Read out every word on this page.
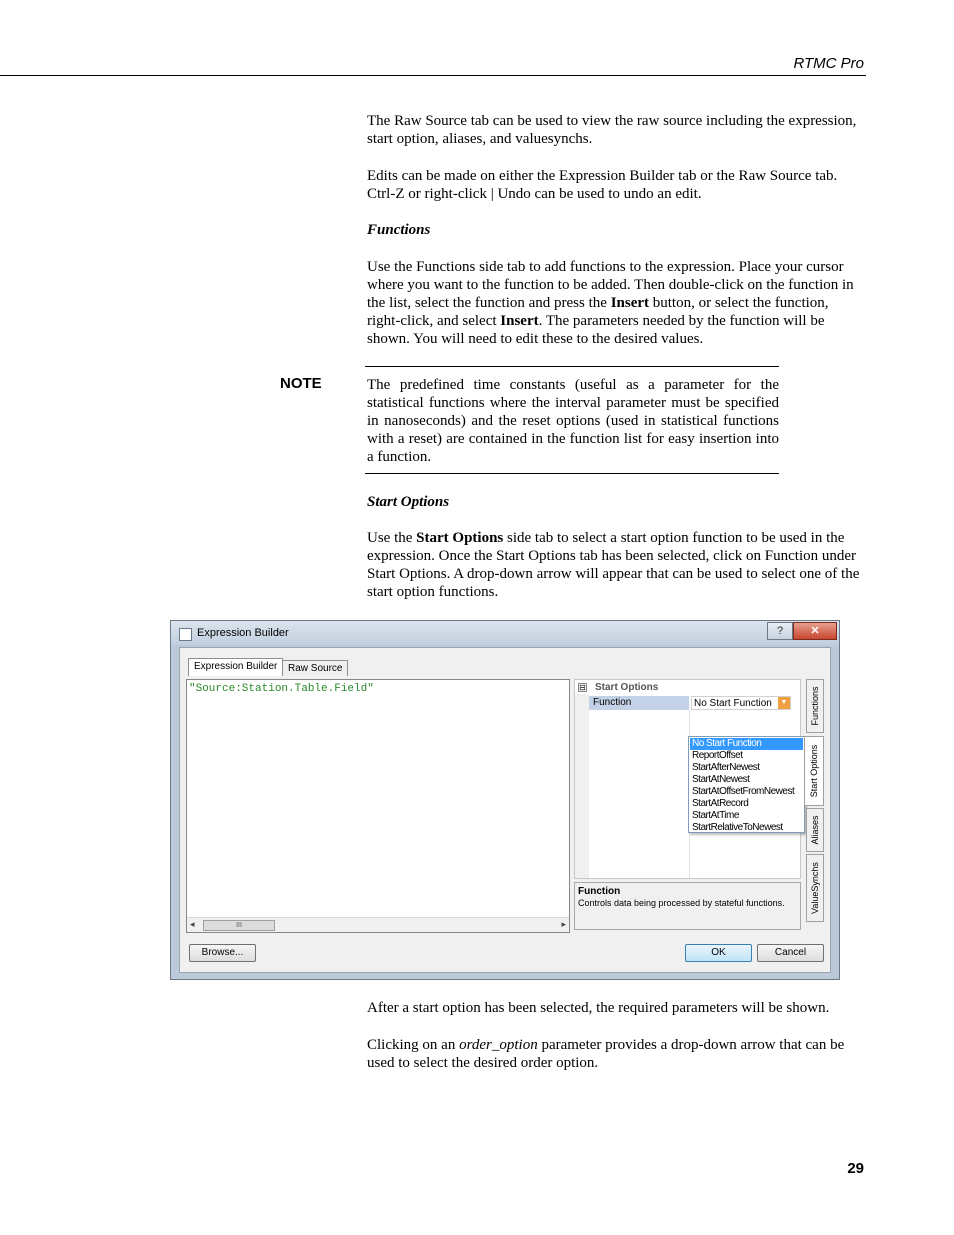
RTMC Pro

The Raw Source tab can be used to view the raw source including the expression, start option, aliases, and valuesynchs.

Edits can be made on either the Expression Builder tab or the Raw Source tab. Ctrl-Z or right-click | Undo can be used to undo an edit.

Functions

Use the Functions side tab to add functions to the expression. Place your cursor where you want to the function to be added. Then double-click on the function in the list, select the function and press the Insert button, or select the function, right-click, and select Insert. The parameters needed by the function will be shown. You will need to edit these to the desired values.

NOTE	The predefined time constants (useful as a parameter for the statistical functions where the interval parameter must be specified in nanoseconds) and the reset options (used in statistical functions with a reset) are contained in the function list for easy insertion into a function.
Start Options

Use the Start Options side tab to select a start option function to be used in the expression. Once the Start Options tab has been selected, click on Function under Start Options. A drop-down arrow will appear that can be used to select one of the start option functions.

Expression Builder	?	✕
Expression Builder	Raw Source
"Source:Station.Table.Field"
◂	III	▸
⊟ Start Options
Function	No Start Function	▼
No Start Function
ReportOffset
StartAfterNewest
StartAtNewest
StartAtOffsetFromNewest
StartAtRecord
StartAtTime
StartRelativeToNewest
Function
Controls data being processed by stateful functions.
Functions
Start Options
Aliases
ValueSynchs
Browse...	OK	Cancel

After a start option has been selected, the required parameters will be shown.

Clicking on an order_option parameter provides a drop-down arrow that can be used to select the desired order option.

29
